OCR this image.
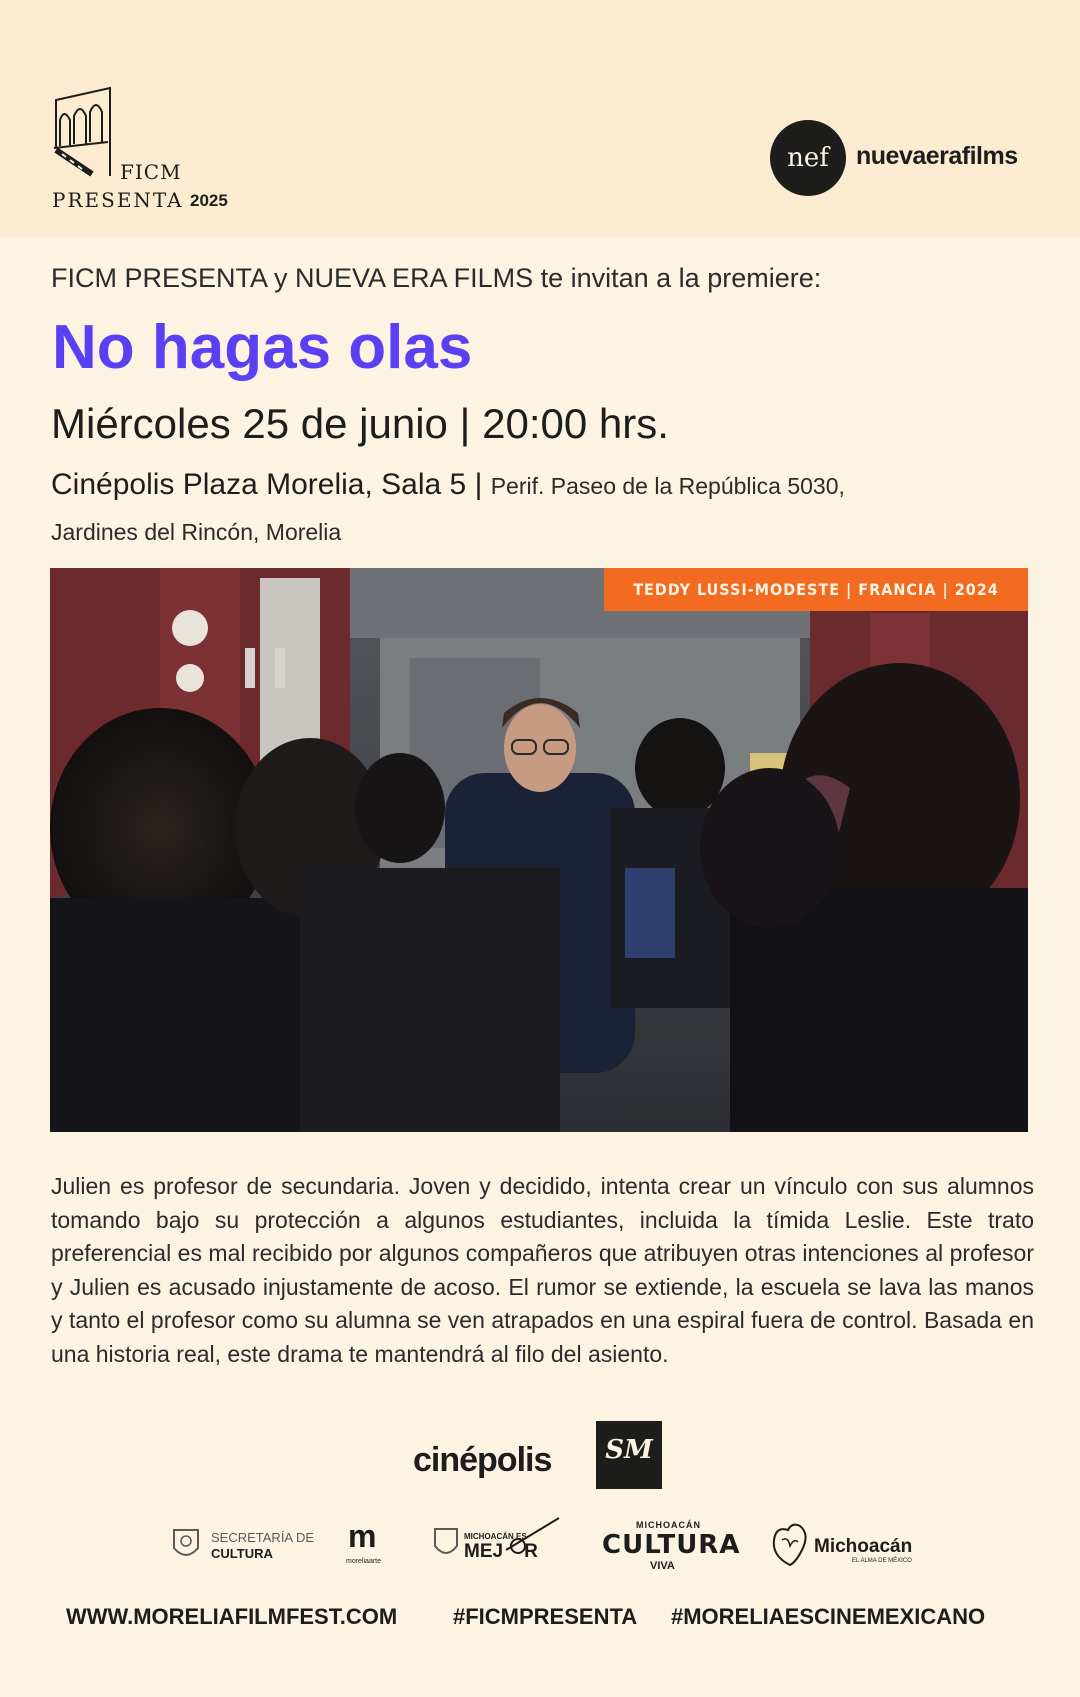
FICM
PRESENTA 2025
nef	nuevaerafilms
FICM PRESENTA y NUEVA ERA FILMS te invitan a la premiere:
No hagas olas
Miércoles 25 de junio | 20:00 hrs.
Cinépolis Plaza Morelia, Sala 5 | Perif. Paseo de la República 5030,
Jardines del Rincón, Morelia
TEDDY LUSSI-MODESTE | FRANCIA | 2024
Julien es profesor de secundaria. Joven y decidido, intenta crear un vínculo con sus alumnos tomando bajo su protección a algunos estudiantes, incluida la tímida Leslie. Este trato preferencial es mal recibido por algunos compañeros que atribuyen otras intenciones al profesor y Julien es acusado injustamente de acoso. El rumor se extiende, la escuela se lava las manos y tanto el profesor como su alumna se ven atrapados en una espiral fuera de control. Basada en una historia real, este drama te mantendrá al filo del asiento.
cinépolis	SM
SECRETARÍA DE
CULTURA m
moreliaarte
MICHOACÁN ES
MEJ    R
MICHOACÁN
CULTURA
VIVA
Michoacán
EL ALMA DE MÉXICO
WWW.MORELIAFILMFEST.COM	#FICMPRESENTA #MORELIAESCINEMEXICANO
